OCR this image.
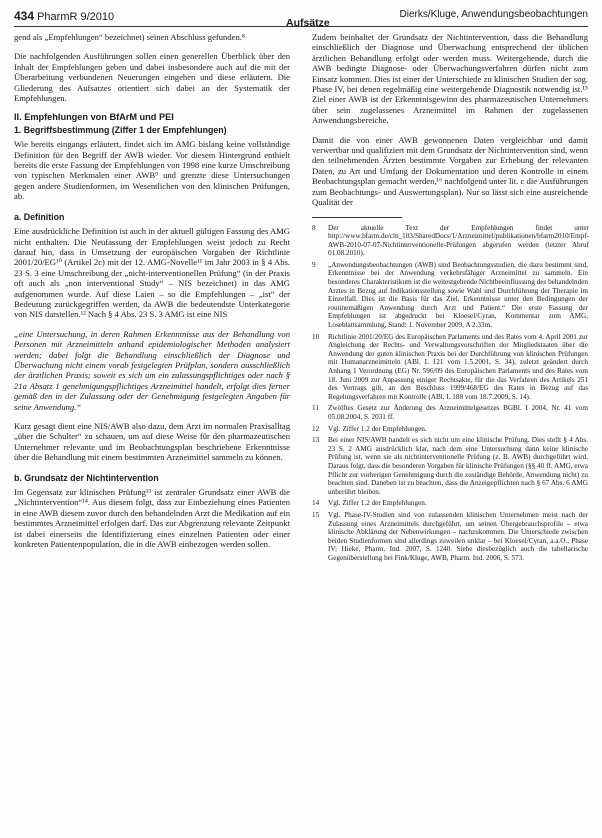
434 PharmR 9/2010	Aufsätze
Dierks/Kluge, Anwendungsbeobachtungen

gend als „Empfehlungen“ bezeichnet) seinen Abschluss gefunden.⁸

Die nachfolgenden Ausführungen sollen einen generellen Überblick über den Inhalt der Empfehlungen geben und dabei insbesondere auch auf die mit der Überarbeitung verbundenen Neuerungen eingehen und diese erläutern. Die Gliederung des Aufsatzes orientiert sich dabei an der Systematik der Empfehlungen.

II. Empfehlungen von BfArM und PEI
1. Begriffsbestimmung (Ziffer 1 der Empfehlungen)

Wie bereits eingangs erläutert, findet sich im AMG bislang keine vollständige Definition für den Begriff der AWB wieder. Vor diesem Hintergrund enthielt bereits die erste Fassung der Empfehlungen von 1998 eine kurze Umschreibung von typischen Merkmalen einer AWB⁹ und grenzte diese Untersuchungen gegen andere Studienformen, im Wesentlichen von den klinischen Prüfungen, ab.

a. Definition

Eine ausdrückliche Definition ist auch in der aktuell gültigen Fassung des AMG nicht enthalten. Die Neufassung der Empfehlungen weist jedoch zu Recht darauf hin, dass in Umsetzung der europäischen Vorgaben der Richtlinie 2001/20/EG¹⁰ (Artikel 2c) mit der 12. AMG-Novelle¹¹ im Jahr 2003 in § 4 Abs. 23 S. 3 eine Umschreibung der „nicht-interventionellen Prüfung“ (in der Praxis oft auch als „non interventional Study“ – NIS bezeichnet) in das AMG aufgenommen wurde. Auf diese Laien – so die Empfehlungen – „ist“ der Bedeutung zurückgegriffen werden, da AWB die bedeutendste Unterkategorie von NIS darstellen.¹² Nach § 4 Abs. 23 S. 3 AMG ist eine NIS

„eine Untersuchung, in deren Rahmen Erkenntnisse aus der Behandlung von Personen mit Arzneimitteln anhand epidemiologischer Methoden analysiert werden; dabei folgt die Behandlung einschließlich der Diagnose und Überwachung nicht einem vorab festgelegten Prüfplan, sondern ausschließlich der ärztlichen Praxis; soweit es sich um ein zulassungspflichtiges oder nach § 21a Absatz 1 genehmigungspflichtiges Arzneimittel handelt, erfolgt dies ferner gemäß den in der Zulassung oder der Genehmigung festgelegten Angaben für seine Anwendung.“

Kurz gesagt dient eine NIS/AWB also dazu, dem Arzt im normalen Praxisalltag „über die Schulter“ zu schauen, um auf diese Weise für den pharmazeutischen Unternehmer relevante und im Beobachtungsplan beschriebene Erkenntnisse über die Behandlung mit einem bestimmten Arzneimittel sammeln zu können.

b. Grundsatz der Nichtintervention

Im Gegensatz zur klinischen Prüfung¹³ ist zentraler Grundsatz einer AWB die „Nichtintervention“¹⁴. Aus diesem folgt, dass zur Einbeziehung eines Patienten in eine AWB diesem zuvor durch den behandelnden Arzt die Medikation auf ein bestimmtes Arzneimittel erfolgen darf. Das zur Abgrenzung relevante Zeitpunkt ist dabei einerseits die Identifizierung eines einzelnen Patienten oder einer konkreten Patientenpopulation, die in die AWB einbezogen werden sollen.

Zudem beinhaltet der Grundsatz der Nichtintervention, dass die Behandlung einschließlich der Diagnose und Überwachung entsprechend der üblichen ärztlichen Behandlung erfolgt oder werden muss. Weitergehende, durch die AWB bedingte Diagnose- oder Überwachungsverfahren dürfen nicht zum Einsatz kommen. Dies ist einer der Unterschiede zu klinischen Studien der sog. Phase IV, bei denen regelmäßig eine weitergehende Diagnostik notwendig ist.¹⁵ Ziel einer AWB ist der Erkenntnisgewinn des pharmazeutischen Unternehmers über sein zugelassenes Arzneimittel im Rahmen der zugelassenen Anwendungsbereiche.

Damit die von einer AWB gewonnenen Daten vergleichbar und damit verwertbar und qualifiziert mit dem Grundsatz der Nichtintervention sind, wenn den teilnehmenden Ärzten bestimmte Vorgaben zur Erhebung der relevanten Daten, zu Art und Umfang der Dokumentation und deren Kontrolle in einem Beobachtungsplan gemacht werden,¹⁶ nachfolgend unter lit. c die Ausführungen zum Beobachtungs- und Auswertungsplan). Nur so lässt sich eine ausreichende Qualität der

8	Der aktuelle Text der Empfehlungen findet unter http://www.bfarm.de/cln_103/SharedDocs/1/Arzneimittel/publikationen/bfarm2010/Empf-AWB-2010-07-07-Nichtinterventionelle-Prüfungen abgerufen werden (letzter Abruf 01.08.2010).
9	„Anwendungsbeobachtungen (AWB) sind Beobachtungsstudien, die dazu bestimmt sind, Erkenntnisse bei der Anwendung verkehrsfähiger Arzneimittel zu sammeln. Ein besonderes Charakteristikum ist die weitestgehende Nichtbeeinflussung des behandelnden Arztes in Bezug auf Indikationsstellung sowie Wahl und Durchführung der Therapie im Einzelfall. Dies ist die Basis für das Ziel, Erkenntnisse unter den Bedingungen der routinemäßigen Anwendung durch Arzt und Patient.“ Die erste Fassung der Empfehlungen ist abgedruckt bei Kloesel/Cyran, Kommentar zum AMG, Loseblattsammlung, Stand: 1. November 2009, A 2.33m.
10	Richtlinie 2001/20/EG des Europäischen Parlaments und des Rates vom 4. April 2001 zur Angleichung der Rechts- und Verwaltungsvorschriften der Mitgliedstaaten über die Anwendung der guten klinischen Praxis bei der Durchführung von klinischen Prüfungen mit Humanarzneimitteln (ABl. L 121 vom 1.5.2001, S. 34), zuletzt geändert durch Anhang 1 Verordnung (EG) Nr. 596/09 des Europäischen Parlaments und des Rates vom 18. Juni 2009 zur Anpassung einiger Rechtsakte, für die das Verfahren des Artikels 251 des Vertrags gilt, an den Beschluss 1999/468/EG des Rates in Bezug auf das Regelungsverfahren mit Kontrolle (ABl. L 188 vom 18.7.2009, S. 14).
11	Zwölftes Gesetz zur Änderung des Arzneimittelgesetzes BGBl. I 2004, Nr. 41 vom 05.08.2004, S. 2031 ff.
12	Vgl. Ziffer 1.2 der Empfehlungen.
13	Bei einer NIS/AWB handelt es sich nicht um eine klinische Prüfung. Dies stellt § 4 Abs. 23 S. 2 AMG ausdrücklich klar, nach dem eine Untersuchung dann keine klinische Prüfung ist, wenn sie als nichtinterventionelle Prüfung (z. B. AWB) durchgeführt wird. Daraus folgt, dass die besonderen Vorgaben für klinische Prüfungen (§§ 40 ff. AMG, etwa Pflicht zur vorherigen Genehmigung durch die zuständige Behörde, Anwendung nicht) zu beachten sind. Daneben ist zu beachten, dass die Anzeigepflichten nach § 67 Abs. 6 AMG unberührt bleiben.
14	Vgl. Ziffer 1.2 der Empfehlungen.
15	Vgl. Phase-IV-Studien sind von zulassenden klinischen Unternehmen meist nach der Zulassung eines Arzneimittels durchgeführt, um seinen Übergebrauchsprofile – etwa klinische Abklärung der Nebenwirkungen – nachzukommen. Die Unterschiede zwischen beiden Studienformen sind allerdings zuweilen unklar – bei Kloesel/Cyran, a.a.O., Phase IV; Hieke, Pharm. Ind. 2007, S. 1240. Siehe diesbezüglich auch die tabellarische Gegenüberstellung bei Fink/Kluge, AWB, Pharm. Ind. 2006, S. 573.
